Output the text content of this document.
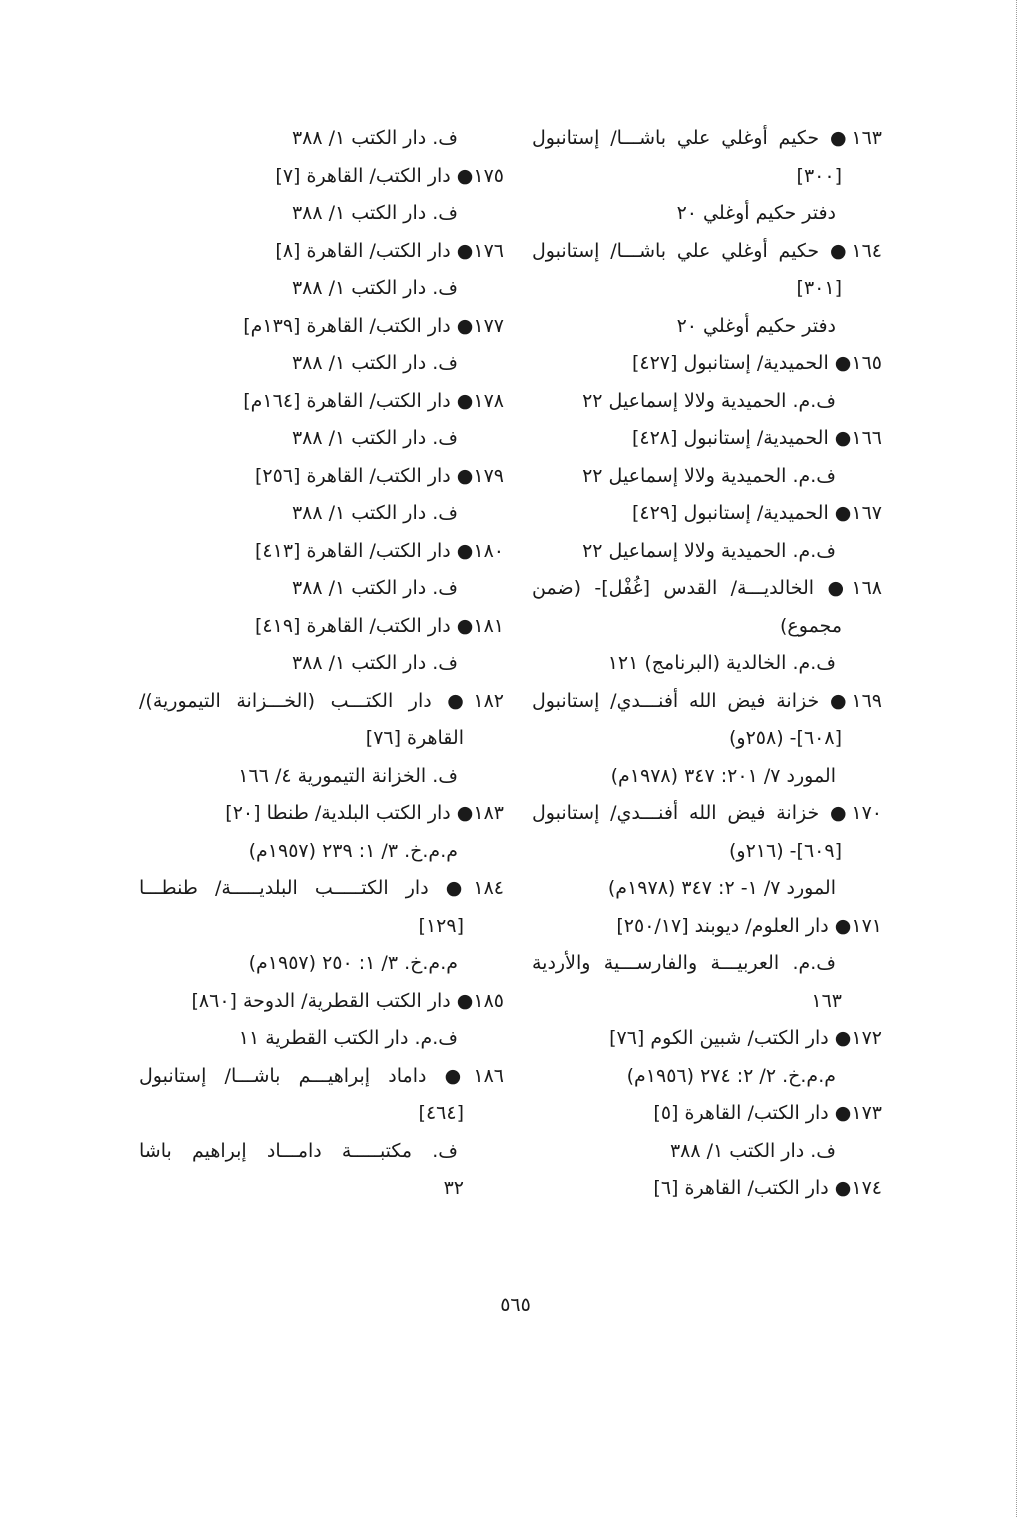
١٦٣● حكيم أوغلي علي باشـــا/ إستانبول
[٣٠٠]
دفتر حكيم أوغلي ٢٠
١٦٤● حكيم أوغلي علي باشـــا/ إستانبول
[٣٠١]
دفتر حكيم أوغلي ٢٠
١٦٥● الحميدية/ إستانبول [٤٢٧]
ف.م. الحميدية ولالا إسماعيل ٢٢
١٦٦● الحميدية/ إستانبول [٤٢٨]
ف.م. الحميدية ولالا إسماعيل ٢٢
١٦٧● الحميدية/ إستانبول [٤٢٩]
ف.م. الحميدية ولالا إسماعيل ٢٢
١٦٨● الخالديـــة/ القدس [غُفْل]- (ضمن
مجموع)
ف.م. الخالدية (البرنامج) ١٢١
١٦٩● خزانة فيض الله أفنـــدي/ إستانبول
[٦٠٨]- (٢٥٨و)
المورد ٧/ ٢٠١: ٣٤٧ (١٩٧٨م)
١٧٠● خزانة فيض الله أفنـــدي/ إستانبول
[٦٠٩]- (٢١٦و)
المورد ٧/ ١- ٢: ٣٤٧ (١٩٧٨م)
١٧١● دار العلوم/ ديوبند [٢٥٠/١٧]
ف.م. العربيـــة والفارســـية والأردية
١٦٣
١٧٢● دار الكتب/ شبين الكوم [٧٦]
م.م.خ. ٢/ ٢: ٢٧٤ (١٩٥٦م)
١٧٣● دار الكتب/ القاهرة [٥]
ف. دار الكتب ١/ ٣٨٨
١٧٤● دار الكتب/ القاهرة [٦]
ف. دار الكتب ١/ ٣٨٨
١٧٥● دار الكتب/ القاهرة [٧]
ف. دار الكتب ١/ ٣٨٨
١٧٦● دار الكتب/ القاهرة [٨]
ف. دار الكتب ١/ ٣٨٨
١٧٧● دار الكتب/ القاهرة [١٣٩م]
ف. دار الكتب ١/ ٣٨٨
١٧٨● دار الكتب/ القاهرة [١٦٤م]
ف. دار الكتب ١/ ٣٨٨
١٧٩● دار الكتب/ القاهرة [٢٥٦]
ف. دار الكتب ١/ ٣٨٨
١٨٠● دار الكتب/ القاهرة [٤١٣]
ف. دار الكتب ١/ ٣٨٨
١٨١● دار الكتب/ القاهرة [٤١٩]
ف. دار الكتب ١/ ٣٨٨
١٨٢● دار الكتـــب (الخـــزانة التيمورية)/
القاهرة [٧٦]
ف. الخزانة التيمورية ٤/ ١٦٦
١٨٣● دار الكتب البلدية/ طنطا [٢٠]
م.م.خ. ٣/ ١: ٢٣٩ (١٩٥٧م)
١٨٤● دار الكتـــــب البلديـــــة/ طنطـــا
[١٢٩]
م.م.خ. ٣/ ١: ٢٥٠ (١٩٥٧م)
١٨٥● دار الكتب القطرية/ الدوحة [٨٦٠]
ف.م. دار الكتب القطرية ١١
١٨٦● داماد إبراهيـــم باشـــا/ إستانبول
[٤٦٤]
ف. مكتبـــــة دامـــاد إبراهيم باشا
٣٢
٥٦٥
